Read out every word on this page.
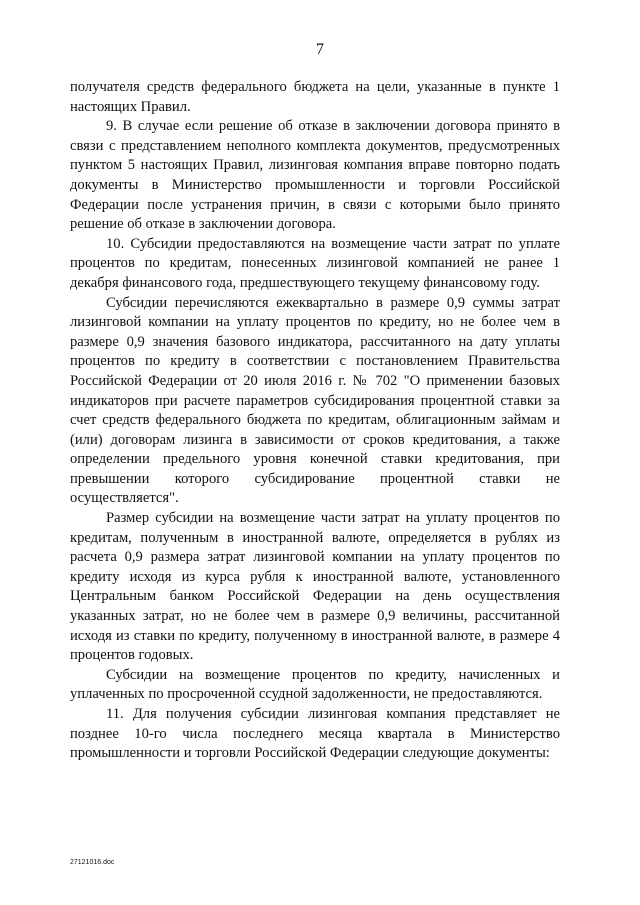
7

получателя средств федерального бюджета на цели, указанные в пункте 1 настоящих Правил.

9. В случае если решение об отказе в заключении договора принято в связи с представлением неполного комплекта документов, предусмотренных пунктом 5 настоящих Правил, лизинговая компания вправе повторно подать документы в Министерство промышленности и торговли Российской Федерации после устранения причин, в связи с которыми было принято решение об отказе в заключении договора.

10. Субсидии предоставляются на возмещение части затрат по уплате процентов по кредитам, понесенных лизинговой компанией не ранее 1 декабря финансового года, предшествующего текущему финансовому году.

Субсидии перечисляются ежеквартально в размере 0,9 суммы затрат лизинговой компании на уплату процентов по кредиту, но не более чем в размере 0,9 значения базового индикатора, рассчитанного на дату уплаты процентов по кредиту в соответствии с постановлением Правительства Российской Федерации от 20 июля 2016 г. № 702 "О применении базовых индикаторов при расчете параметров субсидирования процентной ставки за счет средств федерального бюджета по кредитам, облигационным займам и (или) договорам лизинга в зависимости от сроков кредитования, а также определении предельного уровня конечной ставки кредитования, при превышении которого субсидирование процентной ставки не осуществляется".

Размер субсидии на возмещение части затрат на уплату процентов по кредитам, полученным в иностранной валюте, определяется в рублях из расчета 0,9 размера затрат лизинговой компании на уплату процентов по кредиту исходя из курса рубля к иностранной валюте, установленного Центральным банком Российской Федерации на день осуществления указанных затрат, но не более чем в размере 0,9 величины, рассчитанной исходя из ставки по кредиту, полученному в иностранной валюте, в размере 4 процентов годовых.

Субсидии на возмещение процентов по кредиту, начисленных и уплаченных по просроченной ссудной задолженности, не предоставляются.

11. Для получения субсидии лизинговая компания представляет не позднее 10-го числа последнего месяца квартала в Министерство промышленности и торговли Российской Федерации следующие документы:

27121016.doc
